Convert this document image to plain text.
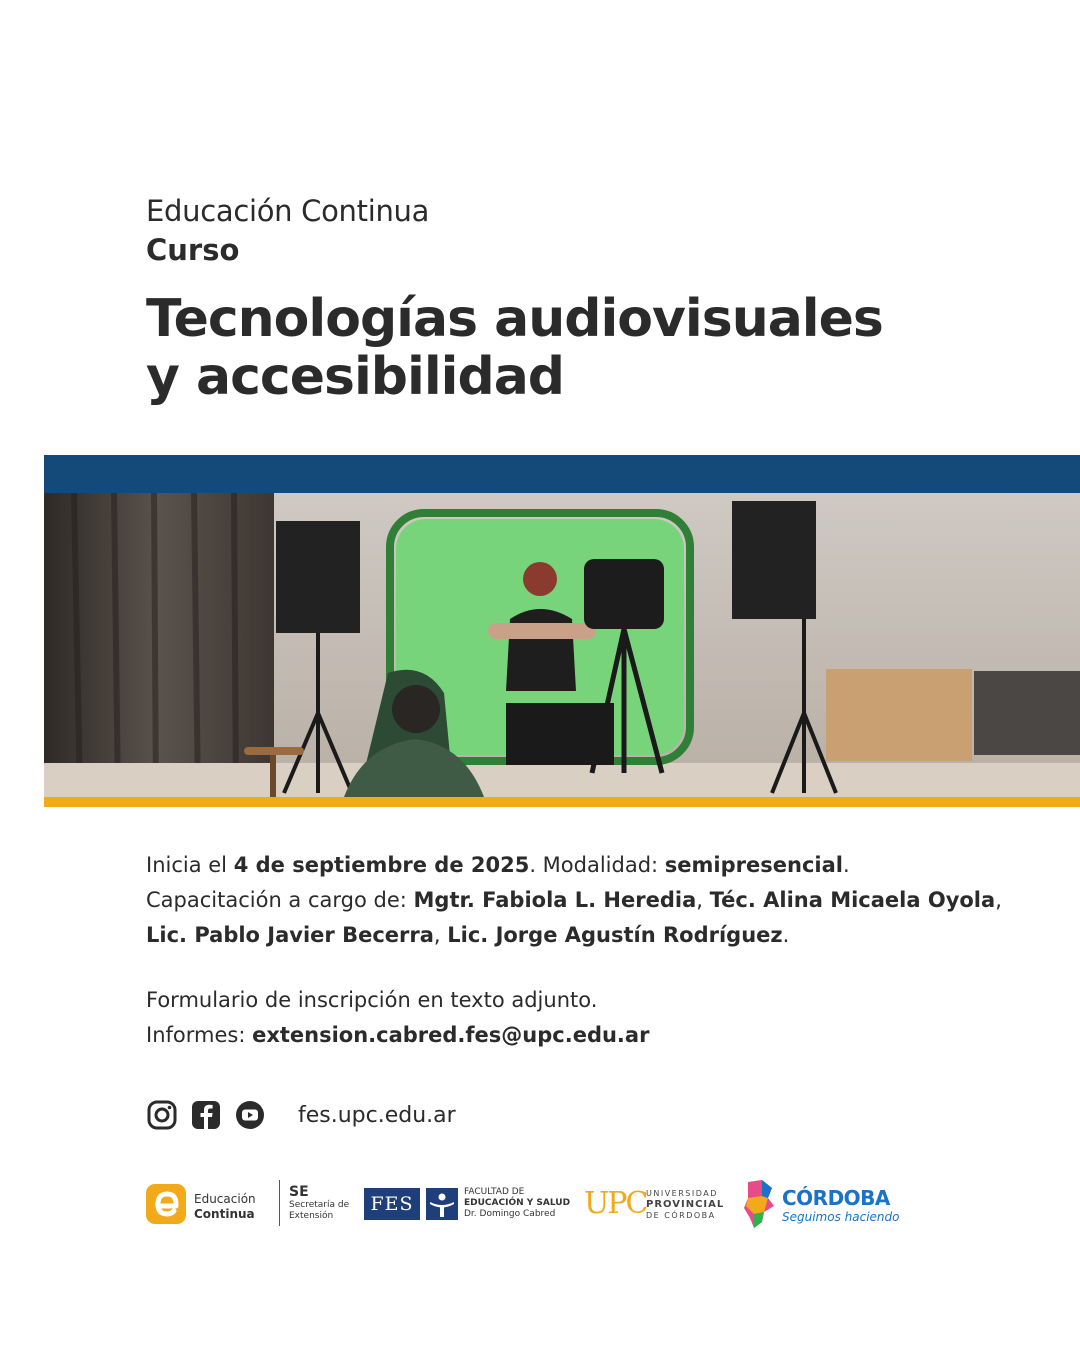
Educación Continua
Curso
Tecnologías audiovisuales
y accesibilidad
Inicia el 4 de septiembre de 2025. Modalidad: semipresencial.
Capacitación a cargo de: Mgtr. Fabiola L. Heredia, Téc. Alina Micaela Oyola,
Lic. Pablo Javier Becerra, Lic. Jorge Agustín Rodríguez.
Formulario de inscripción en texto adjunto.
Informes: extension.cabred.fes@upc.edu.ar
fes.upc.edu.ar
Educación
Continua
SE
Secretaría de
Extensión
FES
FACULTAD DE
EDUCACIÓN Y SALUD
Dr. Domingo Cabred UPC UNIVERSIDAD
PROVINCIAL
DE CÓRDOBA
CÓRDOBA
Seguimos haciendo
